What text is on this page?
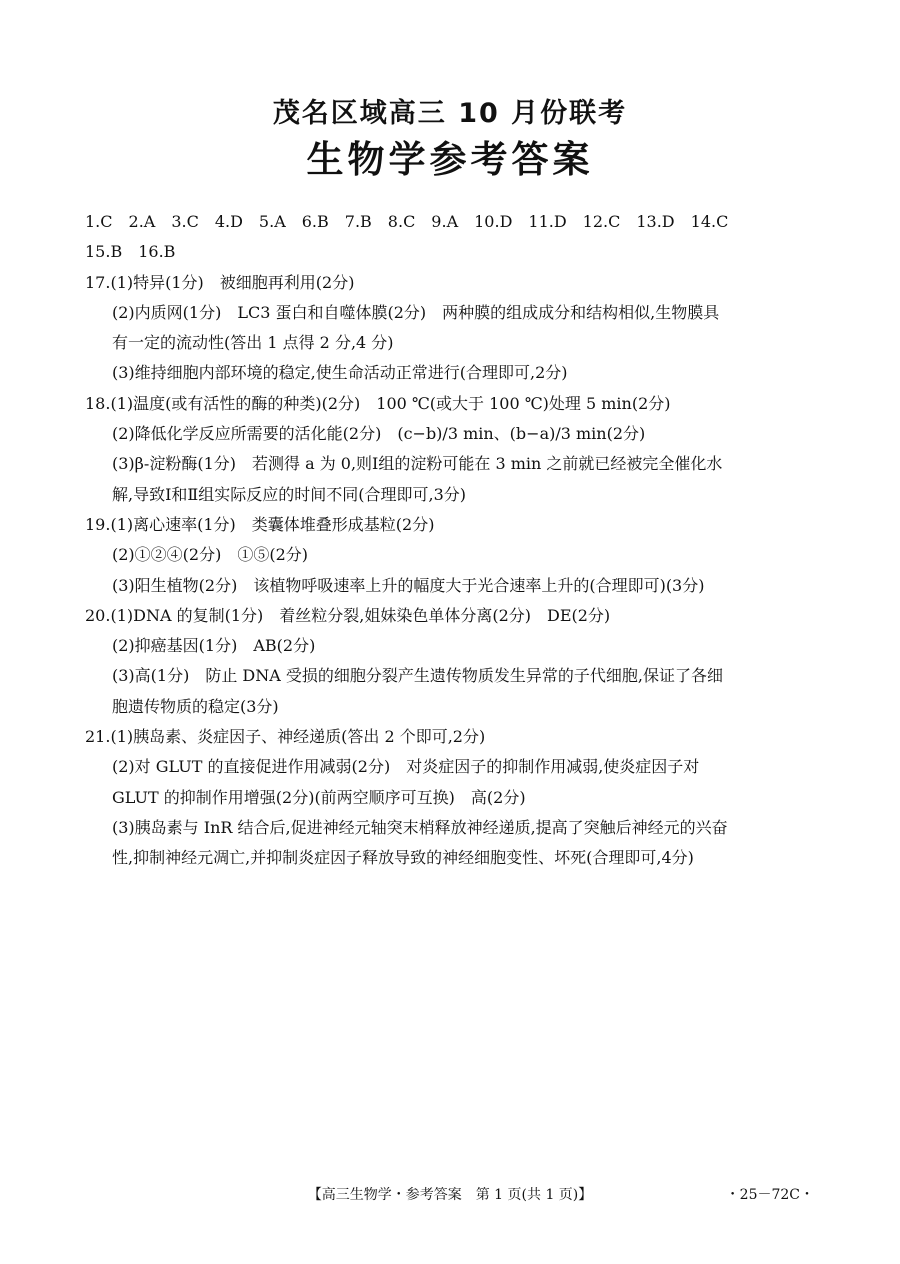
茂名区域高三 10 月份联考
生物学参考答案
1.C　2.A　3.C　4.D　5.A　6.B　7.B　8.C　9.A　10.D　11.D　12.C　13.D　14.C
15.B　16.B
17.(1)特异(1分)　被细胞再利用(2分)
(2)内质网(1分)　LC3 蛋白和自噬体膜(2分)　两种膜的组成成分和结构相似,生物膜具
有一定的流动性(答出 1 点得 2 分,4 分)
(3)维持细胞内部环境的稳定,使生命活动正常进行(合理即可,2分)
18.(1)温度(或有活性的酶的种类)(2分)　100 ℃(或大于 100 ℃)处理 5 min(2分)
(2)降低化学反应所需要的活化能(2分)　(c−b)/3 min、(b−a)/3 min(2分)
(3)β-淀粉酶(1分)　若测得 a 为 0,则Ⅰ组的淀粉可能在 3 min 之前就已经被完全催化水
解,导致Ⅰ和Ⅱ组实际反应的时间不同(合理即可,3分)
19.(1)离心速率(1分)　类囊体堆叠形成基粒(2分)
(2)①②④(2分)　①⑤(2分)
(3)阳生植物(2分)　该植物呼吸速率上升的幅度大于光合速率上升的(合理即可)(3分)
20.(1)DNA 的复制(1分)　着丝粒分裂,姐妹染色单体分离(2分)　DE(2分)
(2)抑癌基因(1分)　AB(2分)
(3)高(1分)　防止 DNA 受损的细胞分裂产生遗传物质发生异常的子代细胞,保证了各细
胞遗传物质的稳定(3分)
21.(1)胰岛素、炎症因子、神经递质(答出 2 个即可,2分)
(2)对 GLUT 的直接促进作用减弱(2分)　对炎症因子的抑制作用减弱,使炎症因子对
GLUT 的抑制作用增强(2分)(前两空顺序可互换)　高(2分)
(3)胰岛素与 InR 结合后,促进神经元轴突末梢释放神经递质,提高了突触后神经元的兴奋
性,抑制神经元凋亡,并抑制炎症因子释放导致的神经细胞变性、坏死(合理即可,4分)
【高三生物学・参考答案　第 1 页(共 1 页)】	・25－72C・
